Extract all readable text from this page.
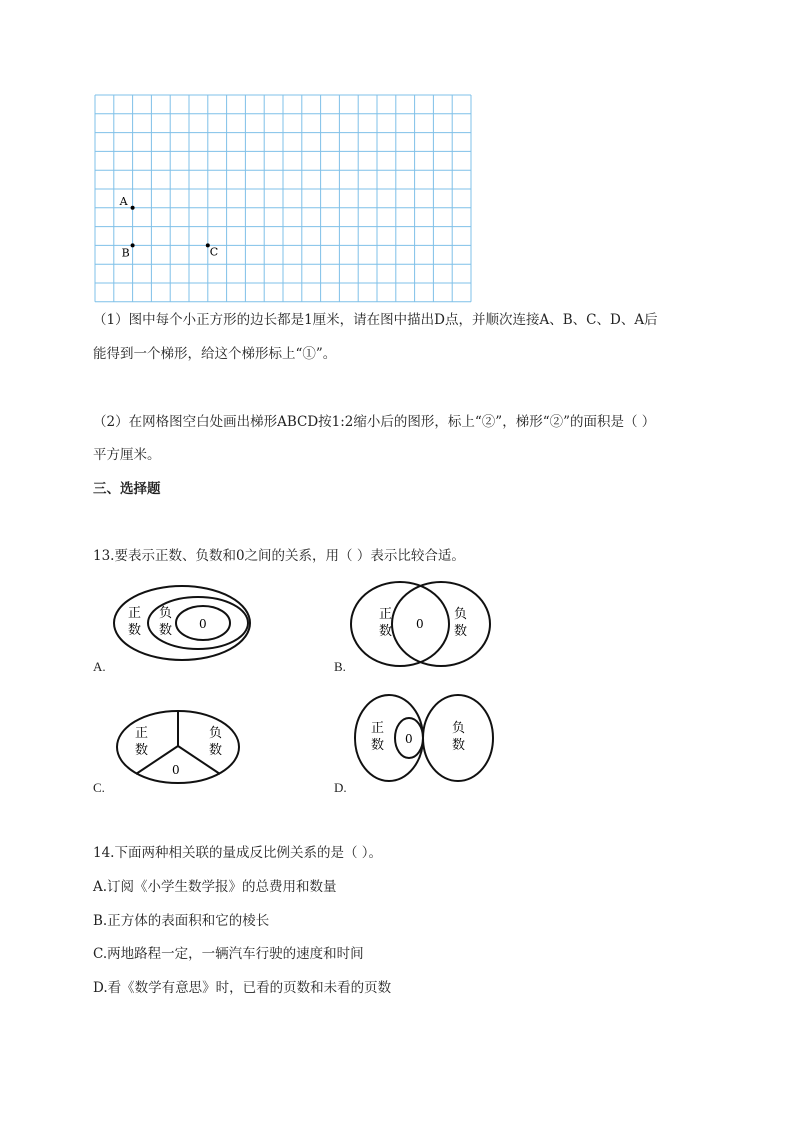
A
B	C
（1）图中每个小正方形的边长都是1厘米，请在图中描出D点，并顺次连接A、B、C、D、A后
能得到一个梯形，给这个梯形标上“①”。
（2）在网格图空白处画出梯形ABCD按1:2缩小后的图形，标上“②”，梯形“②”的面积是（ ）
平方厘米。
三、选择题
13.要表示正数、负数和0之间的关系，用（ ）表示比较合适。
正
数
负
数 0
A.
正
数 0
负
数
B.
正
数
负
数
0
C.
正
数 0
负
数
D.
14.下面两种相关联的量成反比例关系的是（ ）。
A.订阅《小学生数学报》的总费用和数量
B.正方体的表面积和它的棱长
C.两地路程一定，一辆汽车行驶的速度和时间
D.看《数学有意思》时，已看的页数和未看的页数
